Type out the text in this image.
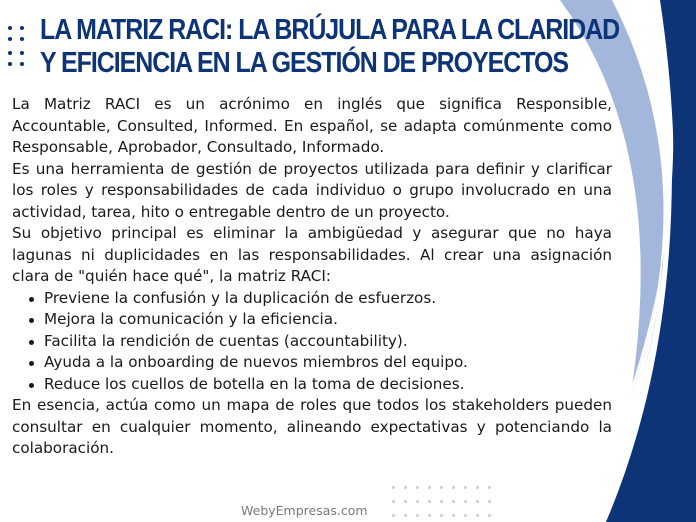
LA MATRIZ RACI: LA BRÚJULA PARA LA CLARIDAD
Y EFICIENCIA EN LA GESTIÓN DE PROYECTOS

La Matriz RACI es un acrónimo en inglés que significa Responsible, Accountable, Consulted, Informed. En español, se adapta comúnmente como Responsable, Aprobador, Consultado, Informado.

Es una herramienta de gestión de proyectos utilizada para definir y clarificar los roles y responsabilidades de cada individuo o grupo involucrado en una actividad, tarea, hito o entregable dentro de un proyecto.

Su objetivo principal es eliminar la ambigüedad y asegurar que no haya lagunas ni duplicidades en las responsabilidades. Al crear una asignación clara de "quién hace qué", la matriz RACI:

Previene la confusión y la duplicación de esfuerzos.
Mejora la comunicación y la eficiencia.
Facilita la rendición de cuentas (accountability).
Ayuda a la onboarding de nuevos miembros del equipo.
Reduce los cuellos de botella en la toma de decisiones.

En esencia, actúa como un mapa de roles que todos los stakeholders pueden consultar en cualquier momento, alineando expectativas y potenciando la colaboración.

WebyEmpresas.com
